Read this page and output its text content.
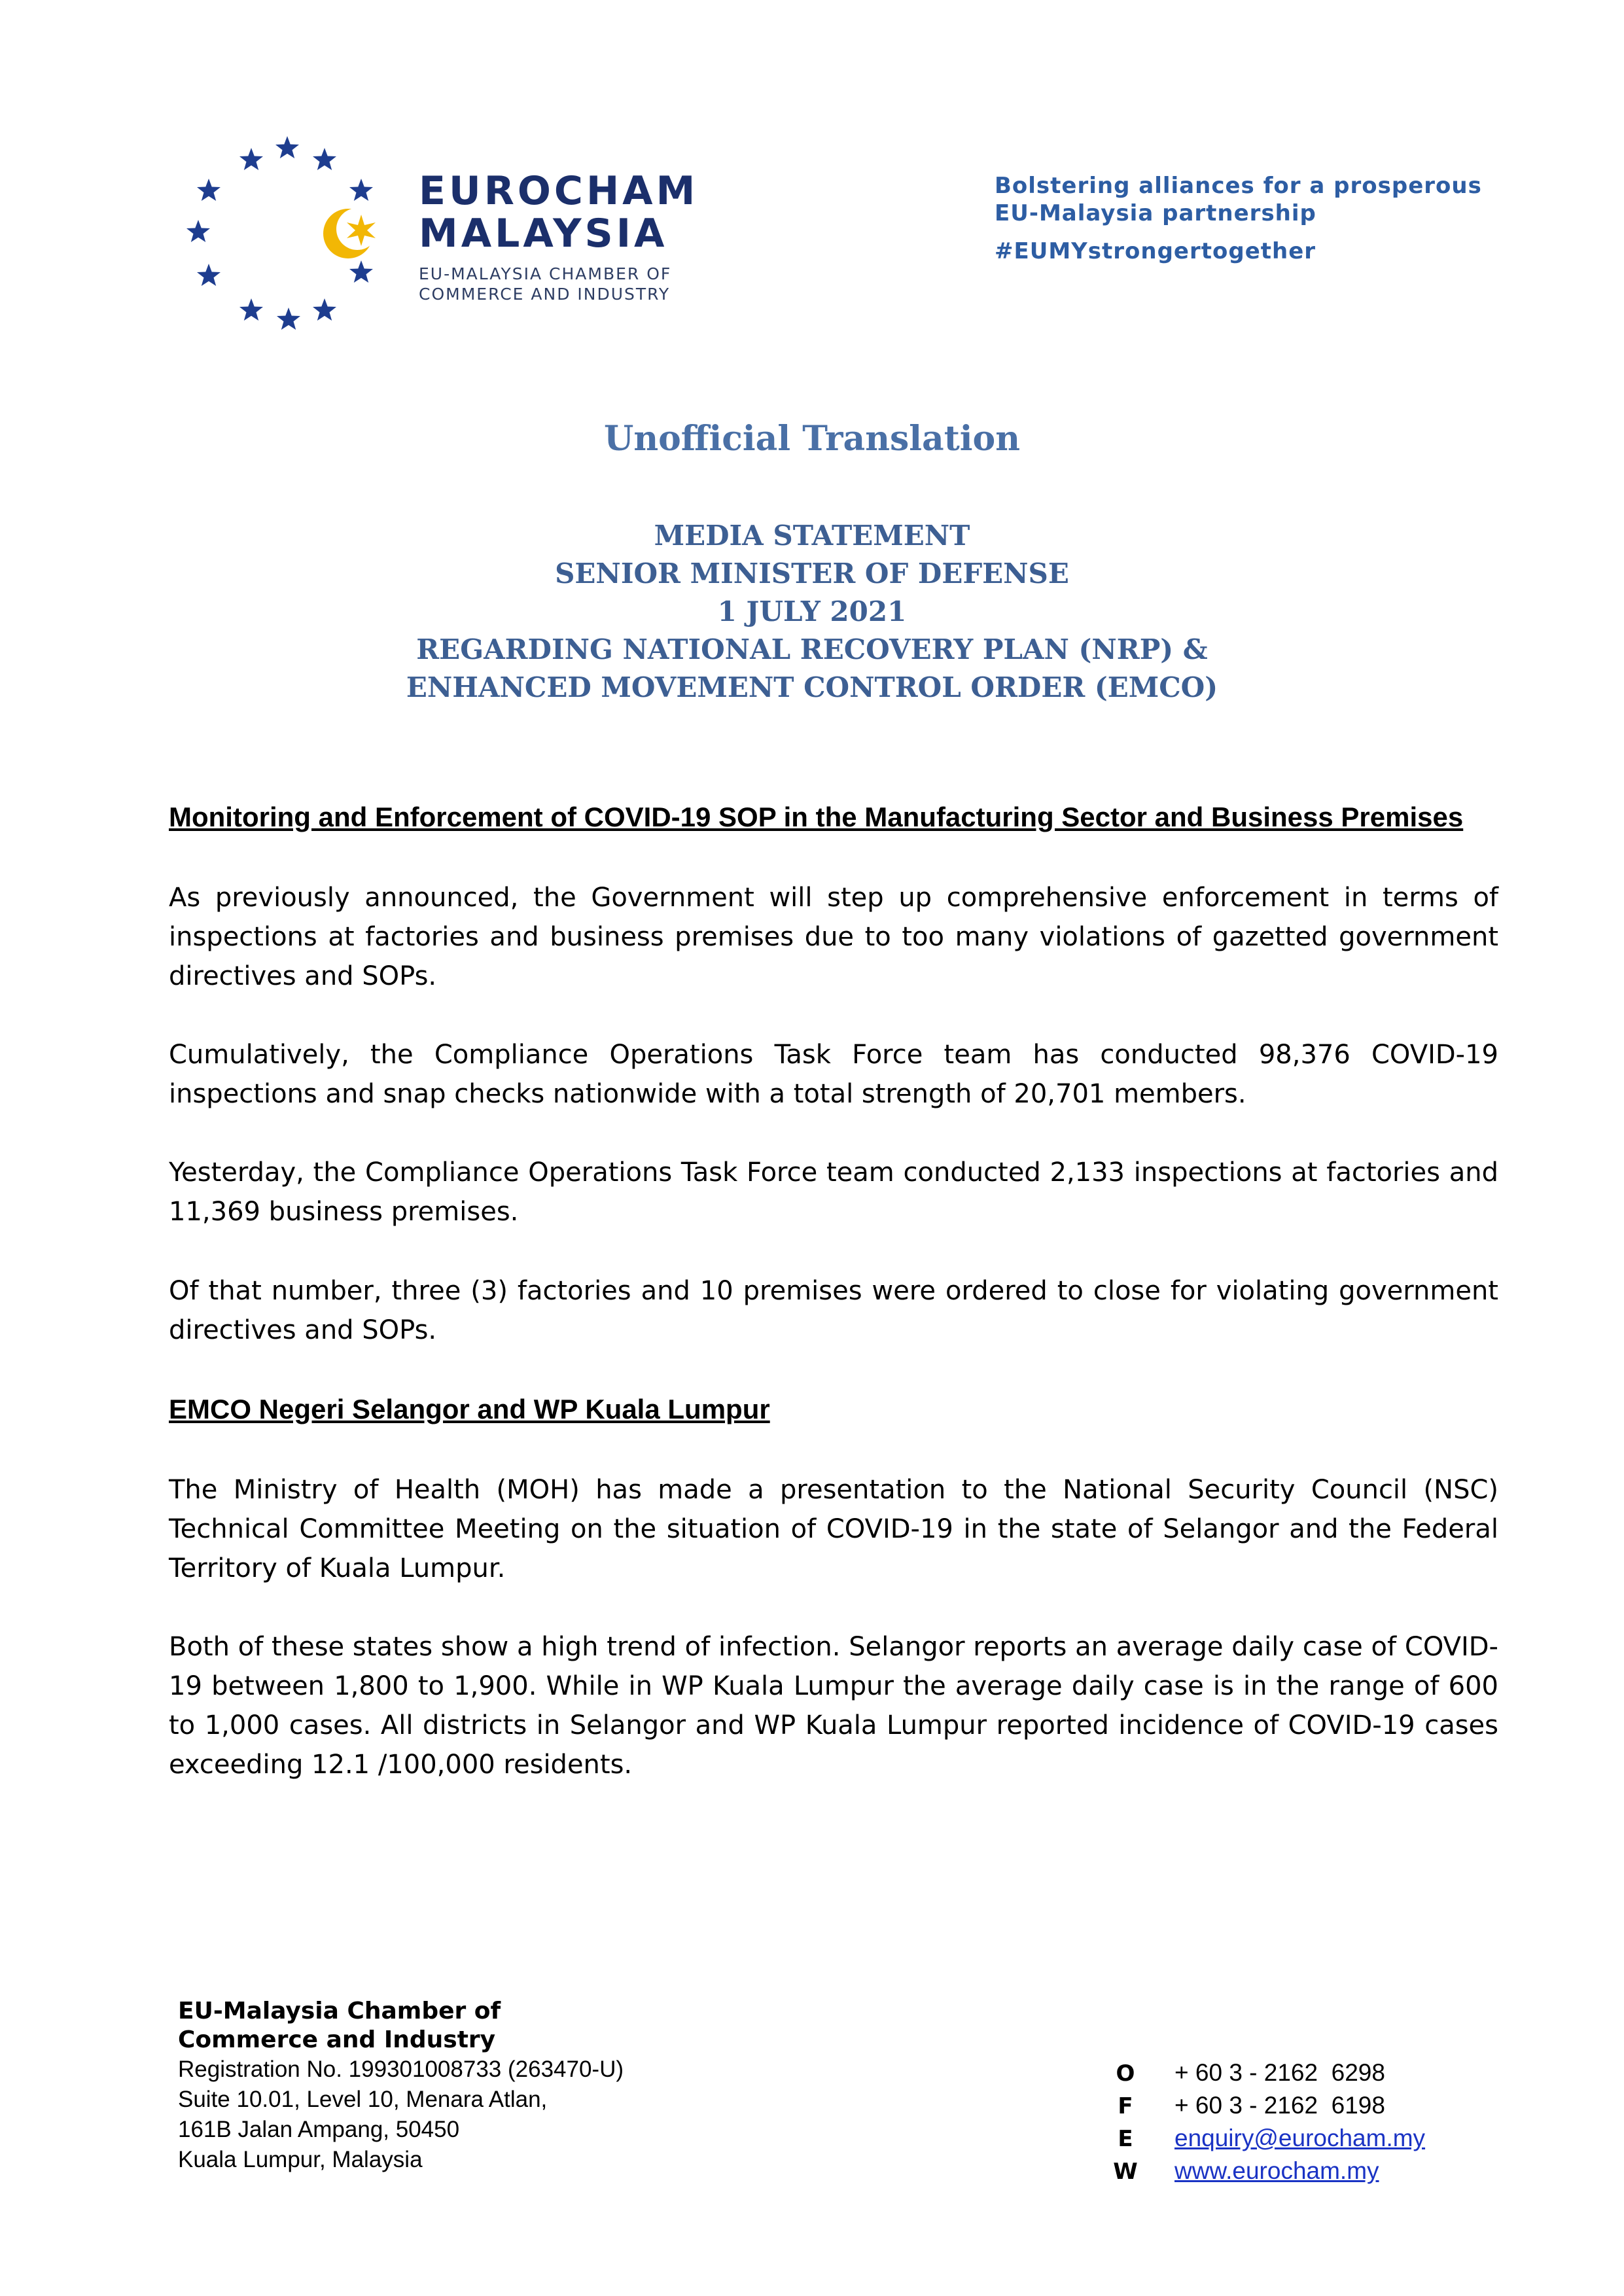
EUROCHAM
MALAYSIA
EU-MALAYSIA CHAMBER OF
COMMERCE AND INDUSTRY
Bolstering alliances for a prosperous
EU-Malaysia partnership
#EUMYstrongertogether
Unofficial Translation
MEDIA STATEMENT
SENIOR MINISTER OF DEFENSE
1 JULY 2021
REGARDING NATIONAL RECOVERY PLAN (NRP) &
ENHANCED MOVEMENT CONTROL ORDER (EMCO)
Monitoring and Enforcement of COVID-19 SOP in the Manufacturing Sector and Business Premises
As previously announced, the Government will step up comprehensive enforcement in terms of inspections at factories and business premises due to too many violations of gazetted government directives and SOPs.
Cumulatively, the Compliance Operations Task Force team has conducted 98,376 COVID-19 inspections and snap checks nationwide with a total strength of 20,701 members.
Yesterday, the Compliance Operations Task Force team conducted 2,133 inspections at factories and 11,369 business premises.
Of that number, three (3) factories and 10 premises were ordered to close for violating government directives and SOPs.
EMCO Negeri Selangor and WP Kuala Lumpur
The Ministry of Health (MOH) has made a presentation to the National Security Council (NSC) Technical Committee Meeting on the situation of COVID-19 in the state of Selangor and the Federal Territory of Kuala Lumpur.
Both of these states show a high trend of infection. Selangor reports an average daily case of COVID-19 between 1,800 to 1,900. While in WP Kuala Lumpur the average daily case is in the range of 600 to 1,000 cases. All districts in Selangor and WP Kuala Lumpur reported incidence of COVID-19 cases exceeding 12.1 /100,000 residents.
EU-Malaysia Chamber of
Commerce and Industry
Registration No. 199301008733 (263470-U)
Suite 10.01, Level 10, Menara Atlan,
161B Jalan Ampang, 50450
Kuala Lumpur, Malaysia
O + 60 3 - 2162  6298
F + 60 3 - 2162  6198
E enquiry@eurocham.my
W www.eurocham.my
